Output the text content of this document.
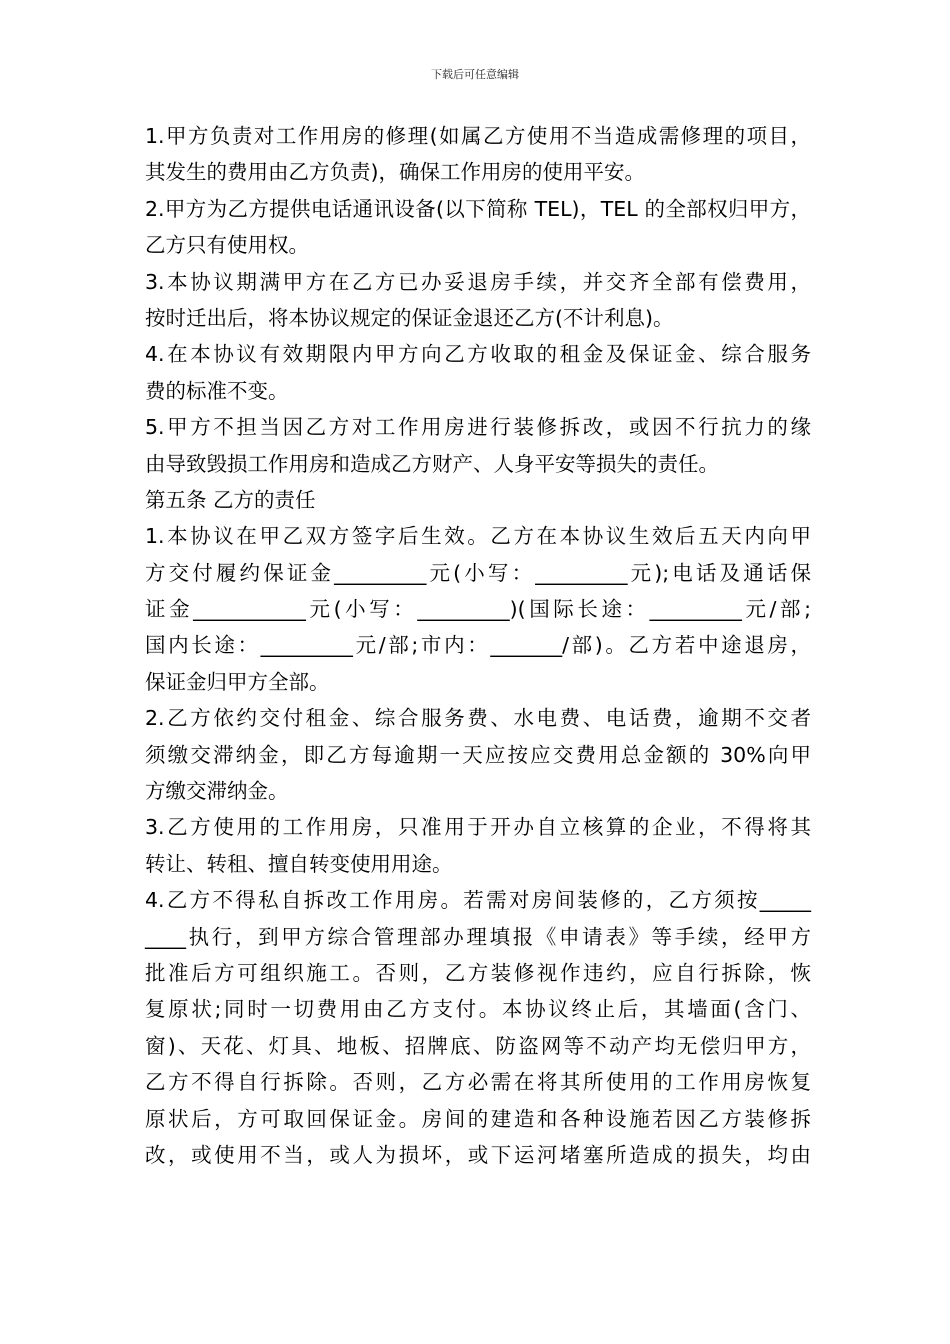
下载后可任意编辑
1.甲方负责对工作用房的修理(如属乙方使用不当造成需修理的项目，
其发生的费用由乙方负责)，确保工作用房的使用平安。
2.甲方为乙方提供电话通讯设备(以下简称 TEL)，TEL 的全部权归甲方，
乙方只有使用权。
3.本协议期满甲方在乙方已办妥退房手续，并交齐全部有偿费用，
按时迁出后，将本协议规定的保证金退还乙方(不计利息)。
4.在本协议有效期限内甲方向乙方收取的租金及保证金、综合服务
费的标准不变。
5.甲方不担当因乙方对工作用房进行装修拆改，或因不行抗力的缘
由导致毁损工作用房和造成乙方财产、人身平安等损失的责任。
第五条 乙方的责任
1.本协议在甲乙双方签字后生效。乙方在本协议生效后五天内向甲
方交付履约保证金_________元(小写：_________元);电话及通话保
证金___________元(小写：_________)(国际长途：_________元/部;
国内长途：_________元/部;市内：_______/部)。乙方若中途退房，
保证金归甲方全部。
2.乙方依约交付租金、综合服务费、水电费、电话费，逾期不交者
须缴交滞纳金，即乙方每逾期一天应按应交费用总金额的 30%向甲
方缴交滞纳金。
3.乙方使用的工作用房，只准用于开办自立核算的企业，不得将其
转让、转租、擅自转变使用用途。
4.乙方不得私自拆改工作用房。若需对房间装修的，乙方须按_____
____执行，到甲方综合管理部办理填报《申请表》等手续，经甲方
批准后方可组织施工。否则，乙方装修视作违约，应自行拆除，恢
复原状;同时一切费用由乙方支付。本协议终止后，其墙面(含门、
窗)、天花、灯具、地板、招牌底、防盗网等不动产均无偿归甲方，
乙方不得自行拆除。否则，乙方必需在将其所使用的工作用房恢复
原状后，方可取回保证金。房间的建造和各种设施若因乙方装修拆
改，或使用不当，或人为损坏，或下运河堵塞所造成的损失，均由
